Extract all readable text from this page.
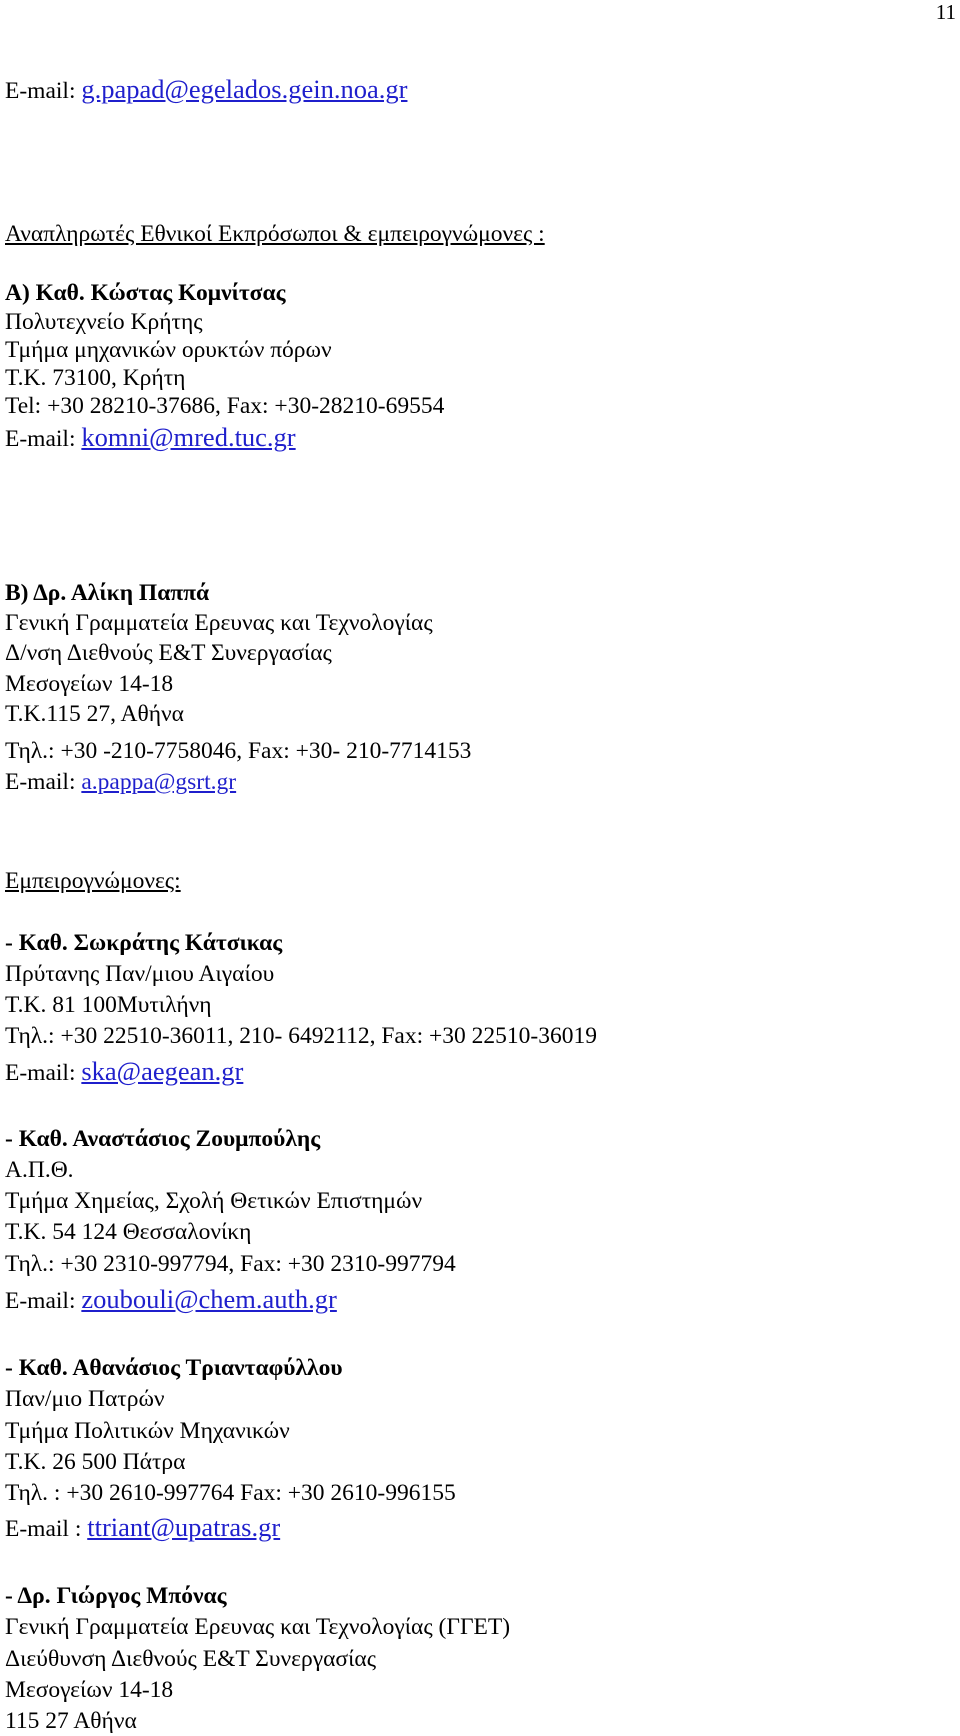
11
E-mail: g.papad@egelados.gein.noa.gr
Αναπληρωτές Εθνικοί Εκπρόσωποι & εμπειρογνώμονες :
Α) Καθ. Κώστας Κομνίτσας
Πολυτεχνείο Κρήτης
Τμήμα μηχανικών ορυκτών πόρων
Τ.Κ. 73100, Κρήτη
Tel: +30 28210-37686, Fax: +30-28210-69554
E-mail: komni@mred.tuc.gr
Β) Δρ. Αλίκη Παππά
Γενική Γραμματεία Ερευνας και Τεχνολογίας
Δ/νση Διεθνούς Ε&Τ Συνεργασίας
Μεσογείων 14-18
Τ.Κ.115 27, Αθήνα
Τηλ.: +30 -210-7758046, Fax: +30- 210-7714153
E-mail: a.pappa@gsrt.gr
Εμπειρογνώμονες:
- Καθ. Σωκράτης Κάτσικας
Πρύτανης Παν/μιου Αιγαίου
Τ.Κ. 81 100Μυτιλήνη
Τηλ.: +30 22510-36011, 210- 6492112, Fax: +30 22510-36019
E-mail: ska@aegean.gr
- Καθ. Αναστάσιος Ζουμπούλης
Α.Π.Θ.
Τμήμα Χημείας, Σχολή Θετικών Επιστημών
Τ.Κ. 54 124 Θεσσαλονίκη
Τηλ.: +30 2310-997794, Fax: +30 2310-997794
E-mail: zoubouli@chem.auth.gr
- Καθ. Αθανάσιος Τριανταφύλλου
Παν/μιο Πατρών
Τμήμα Πολιτικών Μηχανικών
Τ.Κ. 26 500 Πάτρα
Τηλ. : +30 2610-997764 Fax: +30 2610-996155
E-mail : ttriant@upatras.gr
- Δρ. Γιώργος Μπόνας
Γενική Γραμματεία Ερευνας και Τεχνολογίας (ΓΓΕΤ)
Διεύθυνση Διεθνούς Ε&Τ Συνεργασίας
Μεσογείων 14-18
115 27 Αθήνα
